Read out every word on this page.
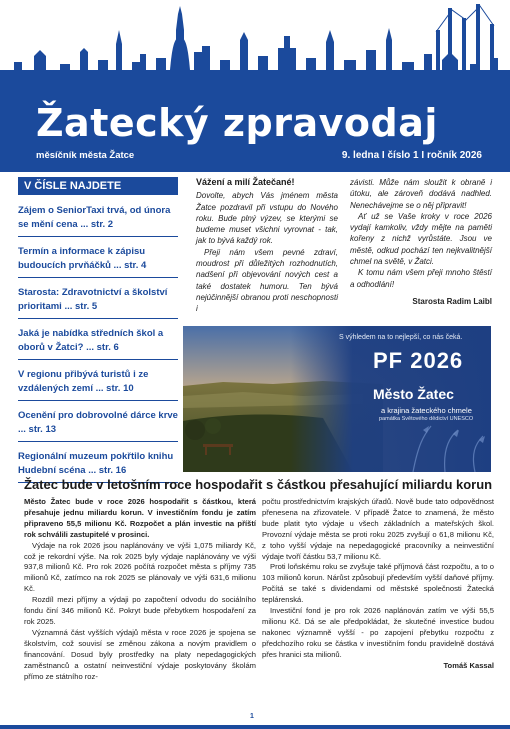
Žatecký zpravodaj
měsíčník města Žatce	9. ledna I číslo 1 I ročník 2026
V ČÍSLE NAJDETE
Zájem o SeniorTaxi trvá, od února se mění cena ... str. 2
Termín a informace k zápisu budoucích prvňáčků ... str. 4
Starosta: Zdravotnictví a školství prioritami ... str. 5
Jaká je nabídka středních škol a oborů v Žatci? ... str. 6
V regionu přibývá turistů i ze vzdálených zemí ... str. 10
Ocenění pro dobrovolné dárce krve ... str. 13
Regionální muzeum pokřtilo knihu Hudební scéna ... str. 16
Vážení a milí Žatečané!

Dovolte, abych Vás jménem města Žatce pozdravil při vstupu do Nového roku. Bude plný výzev, se kterými se budeme muset všichni vyrovnat - tak, jak to bývá každý rok.

Přeji nám všem pevné zdraví, moudrost při důležitých rozhodnutích, nadšení při objevování nových cest a také dostatek humoru. Ten bývá nejúčinnější obranou proti neschopnosti i

závisti. Může nám sloužit k obraně i útoku, ale zároveň dodává nadhled. Nenechávejme se o něj připravit!

Ať už se Vaše kroky v roce 2026 vydají kamkoliv, vždy mějte na paměti kořeny z nichž vyrůstáte. Jsou ve městě, odkud pochází ten nejkvalitnější chmel na světě, v Žatci.

K tomu nám všem přeji mnoho štěstí a odhodlání!

Starosta Radim Laibl

S výhledem na to nejlepší, co nás čeká.
PF 2026
Město Žatec
a krajina žateckého chmele
památka Světového dědictví UNESCO
Žatec bude v letošním roce hospodařit s částkou přesahující miliardu korun

Město Žatec bude v roce 2026 hospodařit s částkou, která přesahuje jednu miliardu korun. V investičním fondu je zatím připraveno 55,5 milionu Kč. Rozpočet a plán investic na příští rok schválili zastupitelé v prosinci.

Výdaje na rok 2026 jsou naplánovány ve výši 1,075 miliardy Kč, což je rekordní výše. Na rok 2025 byly výdaje naplánovány ve výši 937,8 milionů Kč. Pro rok 2026 počítá rozpočet města s příjmy 735 milionů Kč, zatímco na rok 2025 se plánovaly ve výši 631,6 milionu Kč.

Rozdíl mezi příjmy a výdaji po započtení odvodu do sociálního fondu činí 346 milionů Kč. Pokryt bude přebytkem hospodaření za rok 2025.

Významná část vyšších výdajů města v roce 2026 je spojena se školstvím, což souvisí se změnou zákona a novým pravidlem o financování. Dosud byly prostředky na platy nepedagogických zaměstnanců a ostatní neinvestiční výdaje poskytovány školám přímo ze státního roz-

počtu prostřednictvím krajských úřadů. Nově bude tato odpovědnost přenesena na zřizovatele. V případě Žatce to znamená, že město bude platit tyto výdaje u všech základních a mateřských škol. Provozní výdaje města se proti roku 2025 zvyšují o 61,8 milionu Kč, z toho vyšší výdaje na nepedagogické pracovníky a neinvestiční výdaje tvoří částku 53,7 milionu Kč.

Proti loňskému roku se zvyšuje také příjmová část rozpočtu, a to o 103 milionů korun. Nárůst způsobují především vyšší daňové příjmy. Počítá se také s dividendami od městské společnosti Žatecká teplárenská.

Investiční fond je pro rok 2026 naplánován zatím ve výši 55,5 milionu Kč. Dá se ale předpokládat, že skutečné investice budou nakonec významně vyšší - po zapojení přebytku rozpočtu z předchozího roku se částka v investičním fondu pravidelně dostává přes hranici sta milionů.

Tomáš Kassal

1
